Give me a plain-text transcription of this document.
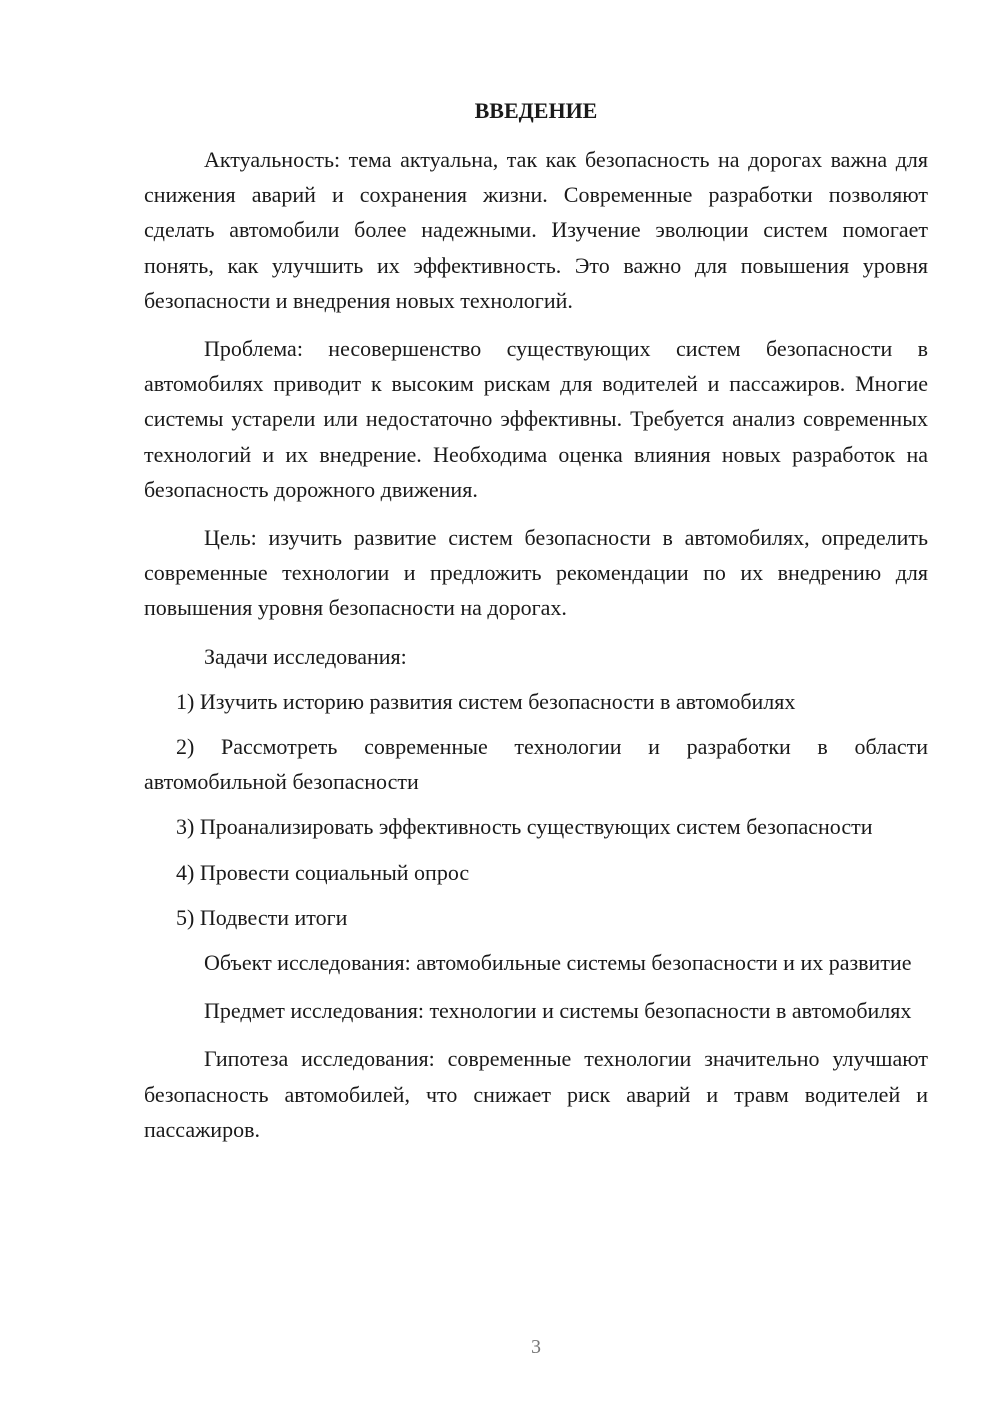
ВВЕДЕНИЕ

Актуальность: тема актуальна, так как безопасность на дорогах важна для снижения аварий и сохранения жизни. Современные разработки позволяют сделать автомобили более надежными. Изучение эволюции систем помогает понять, как улучшить их эффективность. Это важно для повышения уровня безопасности и внедрения новых технологий.

Проблема: несовершенство существующих систем безопасности в автомобилях приводит к высоким рискам для водителей и пассажиров. Многие системы устарели или недостаточно эффективны. Требуется анализ современных технологий и их внедрение. Необходима оценка влияния новых разработок на безопасность дорожного движения.

Цель: изучить развитие систем безопасности в автомобилях, определить современные технологии и предложить рекомендации по их внедрению для повышения уровня безопасности на дорогах.

Задачи исследования:

1) Изучить историю развития систем безопасности в автомобилях

2) Рассмотреть современные технологии и разработки в области автомобильной безопасности

3) Проанализировать эффективность существующих систем безопасности

4) Провести социальный опрос

5) Подвести итоги

Объект исследования: автомобильные системы безопасности и их развитие

Предмет исследования: технологии и системы безопасности в автомобилях

Гипотеза исследования: современные технологии значительно улучшают безопасность автомобилей, что снижает риск аварий и травм водителей и пассажиров.

3
